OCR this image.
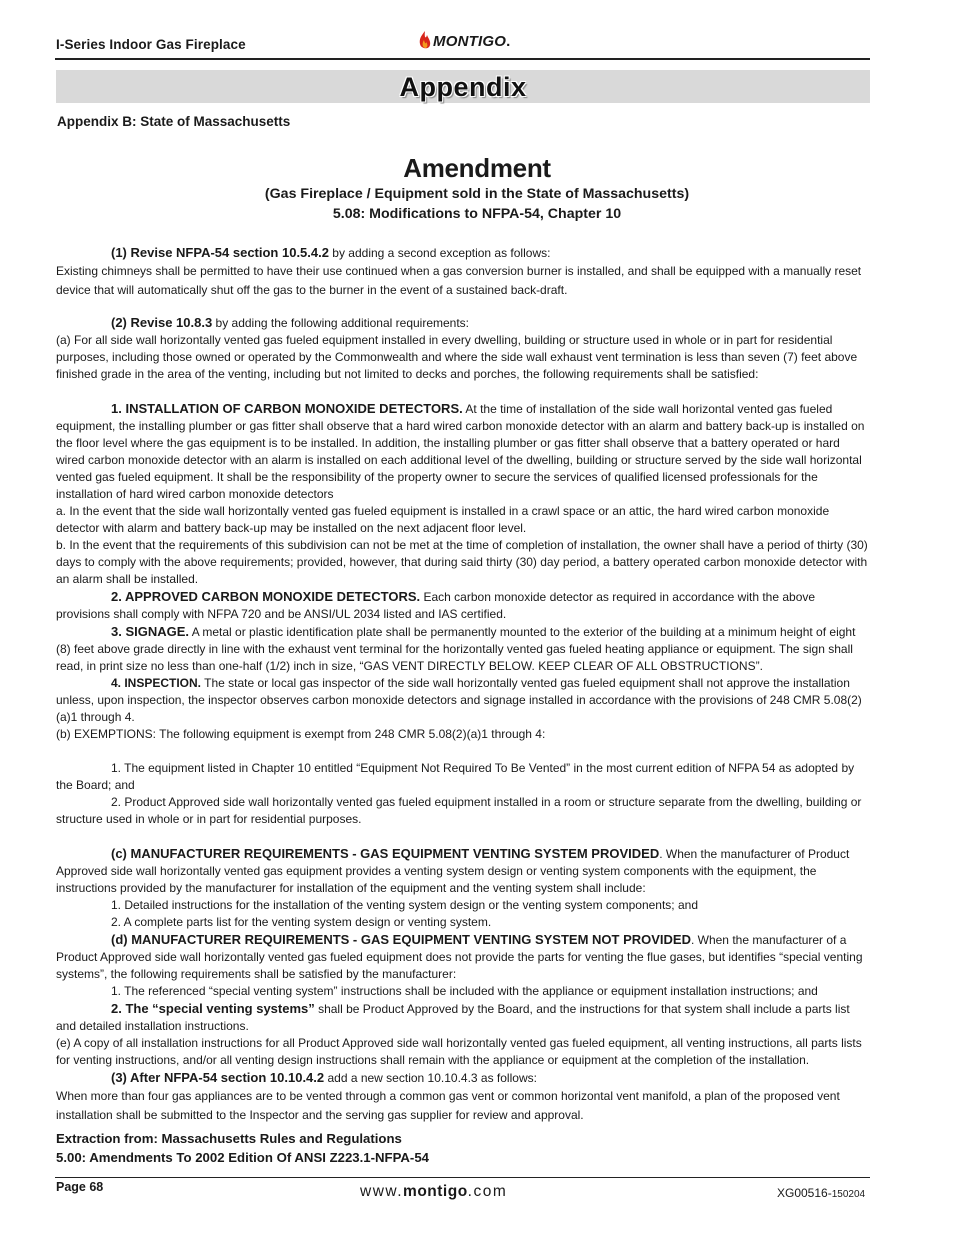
I-Series Indoor Gas Fireplace	MONTIGO .
Appendix
Appendix B: State of Massachusetts
Amendment
(Gas Fireplace / Equipment sold in the State of Massachusetts)
5.08: Modifications to NFPA-54, Chapter 10

(1) Revise NFPA-54 section 10.5.4.2 by adding a second exception as follows:

Existing chimneys shall be permitted to have their use continued when a gas conversion burner is installed, and shall be equipped with a manually reset device that will automatically shut off the gas to the burner in the event of a sustained back-draft.

(2) Revise 10.8.3 by adding the following additional requirements:

(a) For all side wall horizontally vented gas fueled equipment installed in every dwelling, building or structure used in whole or in part for residential purposes, including those owned or operated by the Commonwealth and where the side wall exhaust vent termination is less than seven (7) feet above finished grade in the area of the venting, including but not limited to decks and porches, the following requirements shall be satisfied:

1. INSTALLATION OF CARBON MONOXIDE DETECTORS. At the time of installation of the side wall horizontal vented gas fueled equipment, the installing plumber or gas fitter shall observe that a hard wired carbon monoxide detector with an alarm and battery back-up is installed on the floor level where the gas equipment is to be installed. In addition, the installing plumber or gas fitter shall observe that a battery operated or hard wired carbon monoxide detector with an alarm is installed on each additional level of the dwelling, building or structure served by the side wall horizontal vented gas fueled equipment. It shall be the responsibility of the property owner to secure the services of qualified licensed professionals for the installation of hard wired carbon monoxide detectors

a. In the event that the side wall horizontally vented gas fueled equipment is installed in a crawl space or an attic, the hard wired carbon monoxide detector with alarm and battery back-up may be installed on the next adjacent floor level.

b. In the event that the requirements of this subdivision can not be met at the time of completion of installation, the owner shall have a period of thirty (30) days to comply with the above requirements; provided, however, that during said thirty (30) day period, a battery operated carbon monoxide detector with an alarm shall be installed.

2. APPROVED CARBON MONOXIDE DETECTORS. Each carbon monoxide detector as required in accordance with the above provisions shall comply with NFPA 720 and be ANSI/UL 2034 listed and IAS certified.

3. SIGNAGE. A metal or plastic identification plate shall be permanently mounted to the exterior of the building at a minimum height of eight (8) feet above grade directly in line with the exhaust vent terminal for the horizontally vented gas fueled heating appliance or equipment. The sign shall read, in print size no less than one-half (1/2) inch in size, “GAS VENT DIRECTLY BELOW. KEEP CLEAR OF ALL OBSTRUCTIONS”.

4. INSPECTION. The state or local gas inspector of the side wall horizontally vented gas fueled equipment shall not approve the installation unless, upon inspection, the inspector observes carbon monoxide detectors and signage installed in accordance with the provisions of 248 CMR 5.08(2)(a)1 through 4.

(b) EXEMPTIONS: The following equipment is exempt from 248 CMR 5.08(2)(a)1 through 4:

1. The equipment listed in Chapter 10 entitled “Equipment Not Required To Be Vented” in the most current edition of NFPA 54 as adopted by the Board; and

2. Product Approved side wall horizontally vented gas fueled equipment installed in a room or structure separate from the dwelling, building or structure used in whole or in part for residential purposes.

(c) MANUFACTURER REQUIREMENTS - GAS EQUIPMENT VENTING SYSTEM PROVIDED. When the manufacturer of Product Approved side wall horizontally vented gas equipment provides a venting system design or venting system components with the equipment, the instructions provided by the manufacturer for installation of the equipment and the venting system shall include:

1. Detailed instructions for the installation of the venting system design or the venting system components; and

2. A complete parts list for the venting system design or venting system.

(d) MANUFACTURER REQUIREMENTS - GAS EQUIPMENT VENTING SYSTEM NOT PROVIDED. When the manufacturer of a Product Approved side wall horizontally vented gas fueled equipment does not provide the parts for venting the flue gases, but identifies “special venting systems”, the following requirements shall be satisfied by the manufacturer:

1. The referenced “special venting system” instructions shall be included with the appliance or equipment installation instructions; and

2. The “special venting systems” shall be Product Approved by the Board, and the instructions for that system shall include a parts list and detailed installation instructions.

(e) A copy of all installation instructions for all Product Approved side wall horizontally vented gas fueled equipment, all venting instructions, all parts lists for venting instructions, and/or all venting design instructions shall remain with the appliance or equipment at the completion of the installation.

(3) After NFPA-54 section 10.10.4.2 add a new section 10.10.4.3 as follows:

When more than four gas appliances are to be vented through a common gas vent or common horizontal vent manifold, a plan of the proposed vent installation shall be submitted to the Inspector and the serving gas supplier for review and approval.

Extraction from: Massachusetts Rules and Regulations
5.00: Amendments To 2002 Edition Of ANSI Z223.1-NFPA-54
Page 68	www.montigo.com	XG00516-150204
